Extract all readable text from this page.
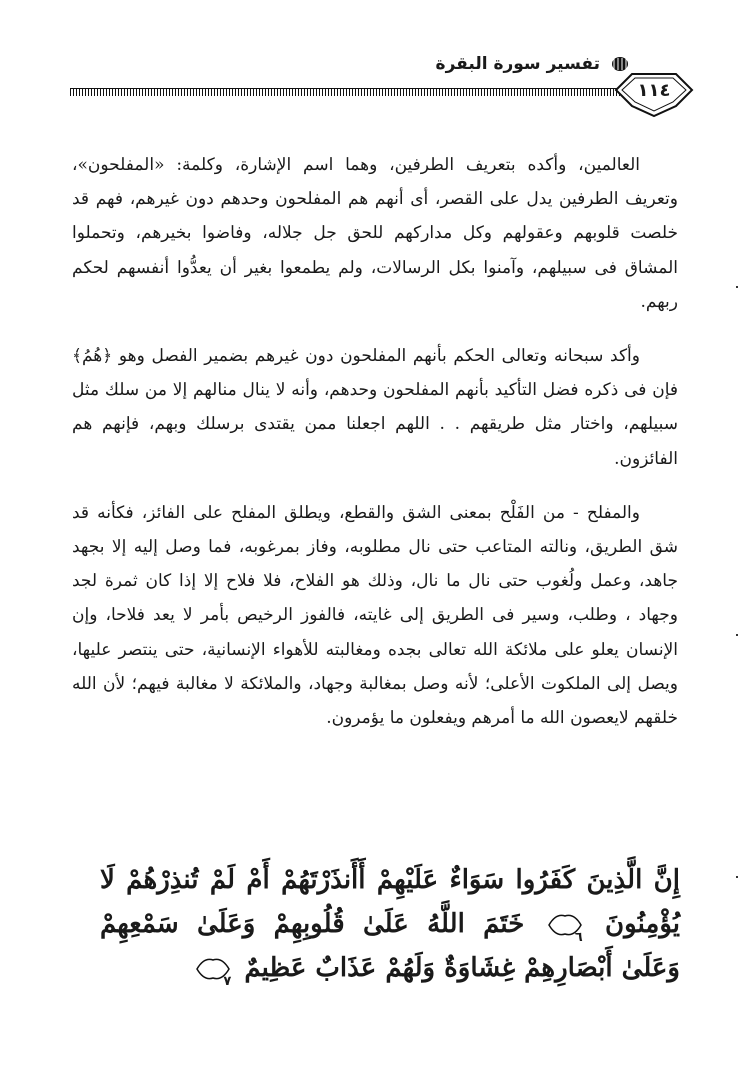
تفسير سورة البقرة
١١٤

العالمين، وأكده بتعريف الطرفين، وهما اسم الإشارة، وكلمة: «المفلحون»، وتعريف الطرفين يدل على القصر، أى أنهم هم المفلحون وحدهم دون غيرهم، فهم قد خلصت قلوبهم وعقولهم وكل مداركهم للحق جل جلاله، وفاضوا بخيرهم، وتحملوا المشاق فى سبيلهم، وآمنوا بكل الرسالات، ولم يطمعوا بغير أن يعدُّوا أنفسهم لحكم ربهم.

وأكد سبحانه وتعالى الحكم بأنهم المفلحون دون غيرهم بضمير الفصل وهو ﴿هُمُ﴾ فإن فى ذكره فضل التأكيد بأنهم المفلحون وحدهم، وأنه لا ينال منالهم إلا من سلك مثل سبيلهم، واختار مثل طريقهم . . اللهم اجعلنا ممن يقتدى برسلك وبهم، فإنهم هم الفائزون.

والمفلح - من الفَلْح بمعنى الشق والقطع، ويطلق المفلح على الفائز، فكأنه قد شق الطريق، ونالته المتاعب حتى نال مطلوبه، وفاز بمرغوبه، فما وصل إليه إلا بجهد جاهد، وعمل ولُغوب حتى نال ما نال، وذلك هو الفلاح، فلا فلاح إلا إذا كان ثمرة لجد وجهاد ، وطلب، وسير فى الطريق إلى غايته، فالفوز الرخيص بأمر لا يعد فلاحا، وإن الإنسان يعلو على ملائكة الله تعالى بجده ومغالبته للأهواء الإنسانية، حتى ينتصر عليها، ويصل إلى الملكوت الأعلى؛ لأنه وصل بمغالبة وجهاد، والملائكة لا مغالبة فيهم؛ لأن الله خلقهم لايعصون الله ما أمرهم ويفعلون ما يؤمرون.

إِنَّ الَّذِينَ كَفَرُوا سَوَاءٌ عَلَيْهِمْ أَأَنذَرْتَهُمْ أَمْ لَمْ تُنذِرْهُمْ لَا يُؤْمِنُونَ
٦
خَتَمَ اللَّهُ عَلَىٰ قُلُوبِهِمْ وَعَلَىٰ سَمْعِهِمْ وَعَلَىٰ أَبْصَارِهِمْ غِشَاوَةٌ وَلَهُمْ عَذَابٌ عَظِيمٌ
٧
